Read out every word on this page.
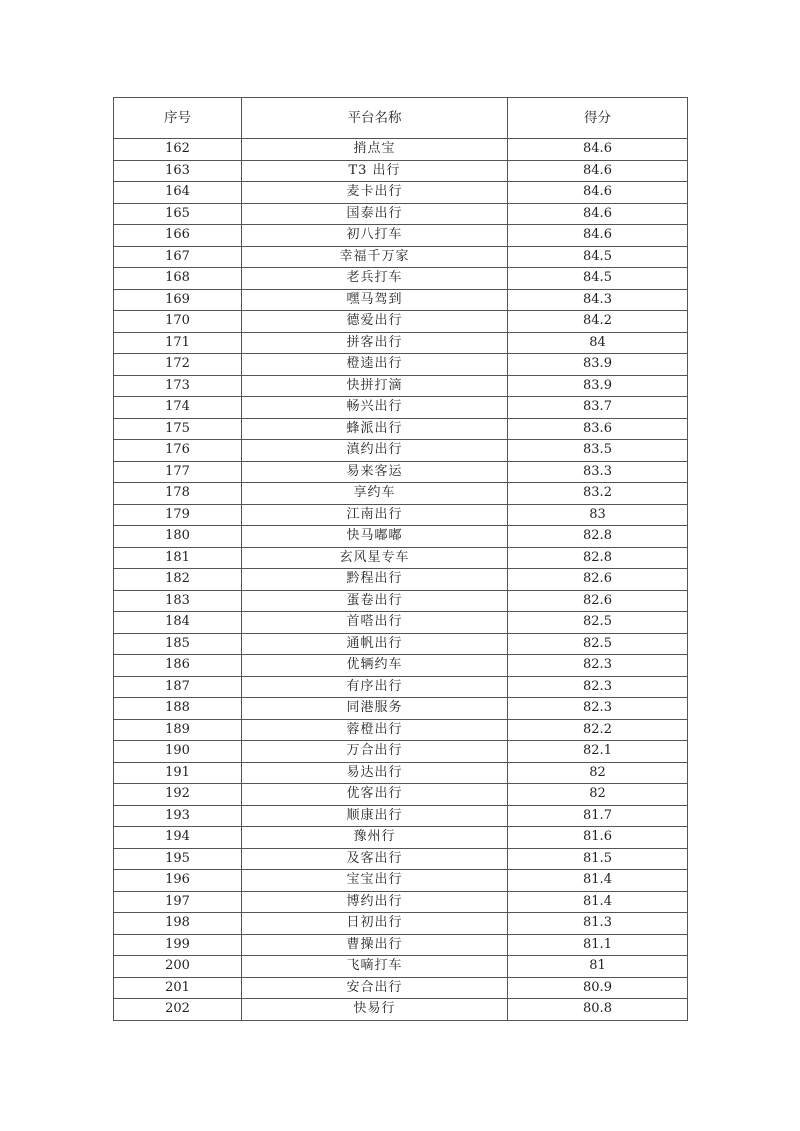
序号	平台名称	得分
162	捎点宝	84.6
163	T3 出行	84.6
164	麦卡出行	84.6
165	国泰出行	84.6
166	初八打车	84.6
167	幸福千万家	84.5
168	老兵打车	84.5
169	嘿马驾到	84.3
170	德爱出行	84.2
171	拼客出行	84
172	橙逵出行	83.9
173	快拼打滴	83.9
174	畅兴出行	83.7
175	蜂派出行	83.6
176	滇约出行	83.5
177	易来客运	83.3
178	享约车	83.2
179	江南出行	83
180	快马嘟嘟	82.8
181	玄风星专车	82.8
182	黔程出行	82.6
183	蛋卷出行	82.6
184	首嗒出行	82.5
185	通帆出行	82.5
186	优辆约车	82.3
187	有序出行	82.3
188	同港服务	82.3
189	蓉橙出行	82.2
190	万合出行	82.1
191	易达出行	82
192	优客出行	82
193	顺康出行	81.7
194	豫州行	81.6
195	及客出行	81.5
196	宝宝出行	81.4
197	博约出行	81.4
198	日初出行	81.3
199	曹操出行	81.1
200	飞嘀打车	81
201	安合出行	80.9
202	快易行	80.8
